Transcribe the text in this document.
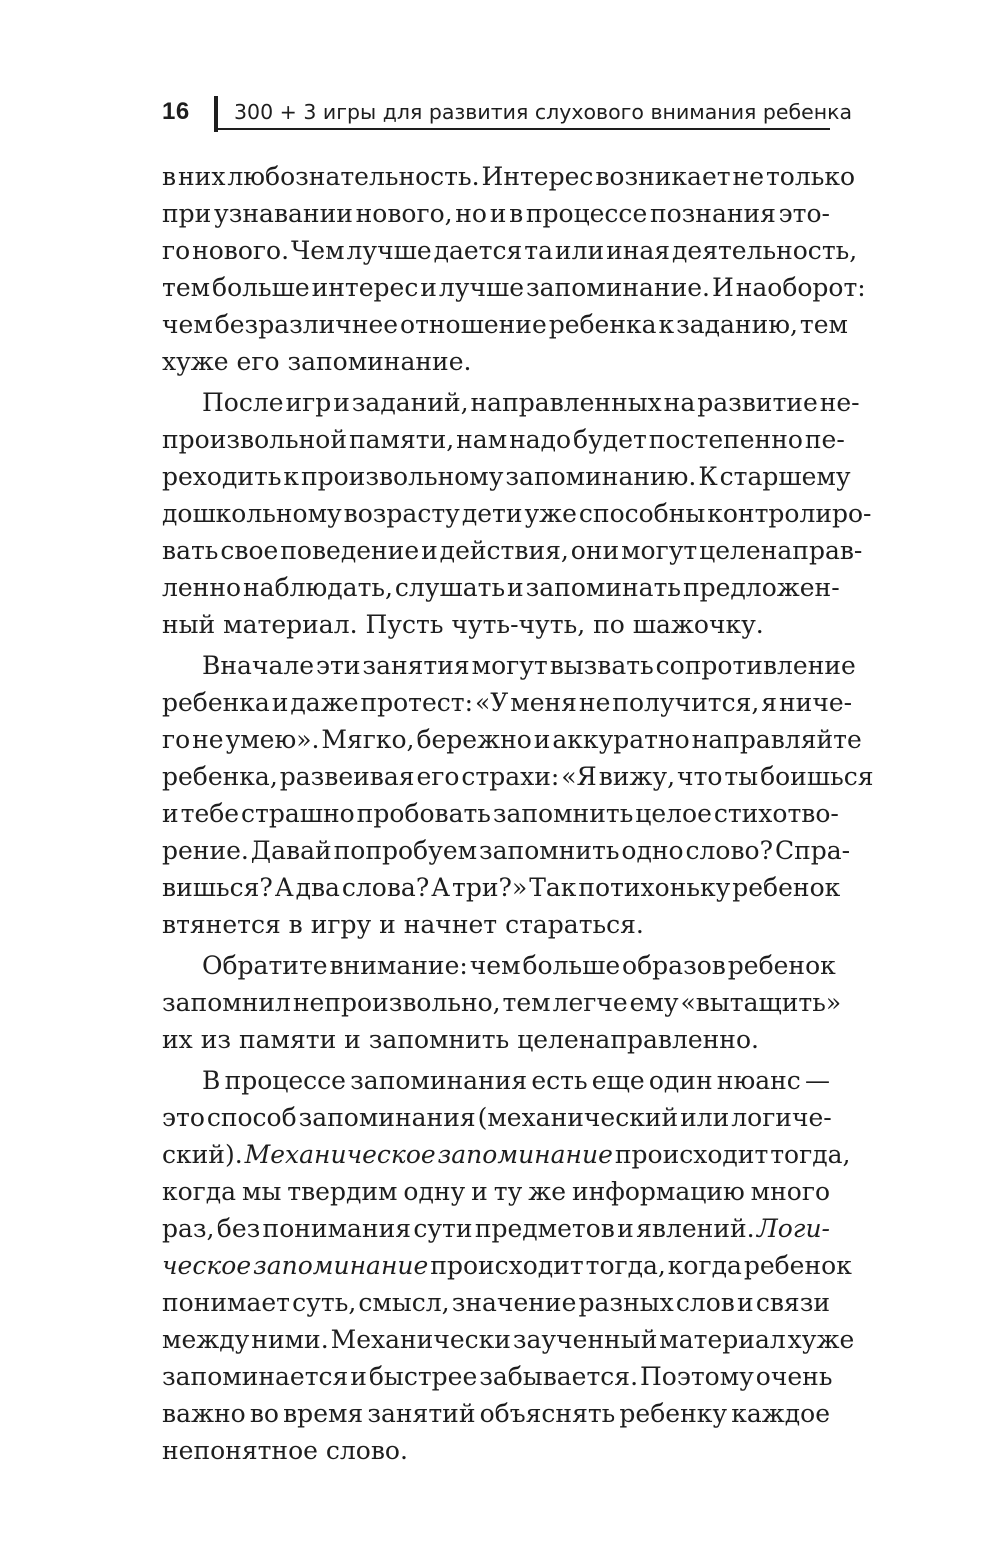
16 300 + 3 игры для развития слухового внимания ребенка
в них любознательность. Интерес возникает не только
при узнавании нового, но и в процессе познания это-
го нового. Чем лучше дается та или иная деятельность,
тем больше интерес и лучше запоминание. И наоборот:
чем безразличнее отношение ребенка к заданию, тем
хуже его запоминание.
После игр и заданий, направленных на развитие не-
произвольной памяти, нам надо будет постепенно пе-
реходить к произвольному запоминанию. К старшему
дошкольному возрасту дети уже способны контролиро-
вать свое поведение и действия, они могут целенаправ-
ленно наблюдать, слушать и запоминать предложен-
ный материал. Пусть чуть-чуть, по шажочку.
Вначале эти занятия могут вызвать сопротивление
ребенка и даже протест: «У меня не получится, я ниче-
го не умею». Мягко, бережно и аккуратно направляйте
ребенка, развеивая его страхи: «Я вижу, что ты боишься
и тебе страшно пробовать запомнить целое стихотво-
рение. Давай попробуем запомнить одно слово? Спра-
вишься? А два слова? А три?» Так потихоньку ребенок
втянется в игру и начнет стараться.
Обратите внимание: чем больше образов ребенок
запомнил непроизвольно, тем легче ему «вытащить»
их из памяти и запомнить целенаправленно.
В процессе запоминания есть еще один нюанс —
это способ запоминания (механический или логиче-
ский). Механическое запоминание происходит тогда,
когда мы твердим одну и ту же информацию много
раз, без понимания сути предметов и явлений. Логи-
ческое запоминание происходит тогда, когда ребенок
понимает суть, смысл, значение разных слов и связи
между ними. Механически заученный материал хуже
запоминается и быстрее забывается. Поэтому очень
важно во время занятий объяснять ребенку каждое
непонятное слово.
